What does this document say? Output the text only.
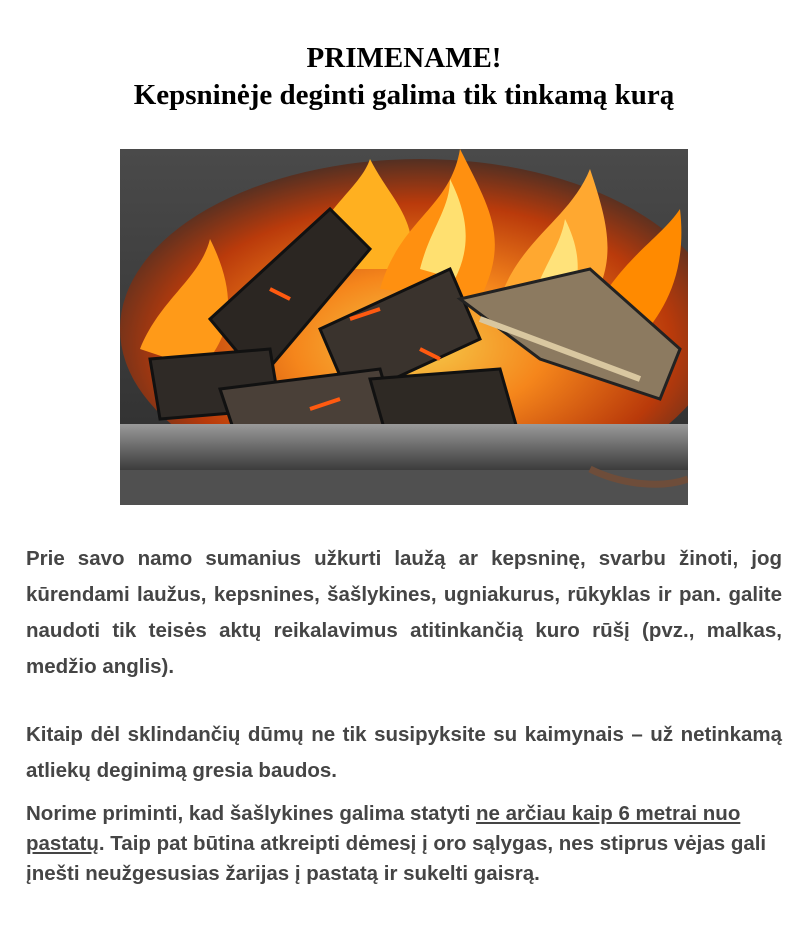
PRIMENAME!
Kepsninėje deginti galima tik tinkamą kurą

Prie savo namo sumanius užkurti laužą ar kepsninę, svarbu žinoti, jog kūrendami laužus, kepsnines, šašlykines, ugniakurus, rūkyklas ir pan. galite naudoti tik teisės aktų reikalavimus atitinkančią kuro rūšį (pvz., malkas, medžio anglis).

Kitaip dėl sklindančių dūmų ne tik susipyksite su kaimynais – už netinkamą atliekų deginimą gresia baudos.

Norime priminti, kad šašlykines galima statyti ne arčiau kaip 6 metrai nuo pastatų. Taip pat būtina atkreipti dėmesį į oro sąlygas, nes stiprus vėjas gali įnešti neužgesusias žarijas į pastatą ir sukelti gaisrą.
